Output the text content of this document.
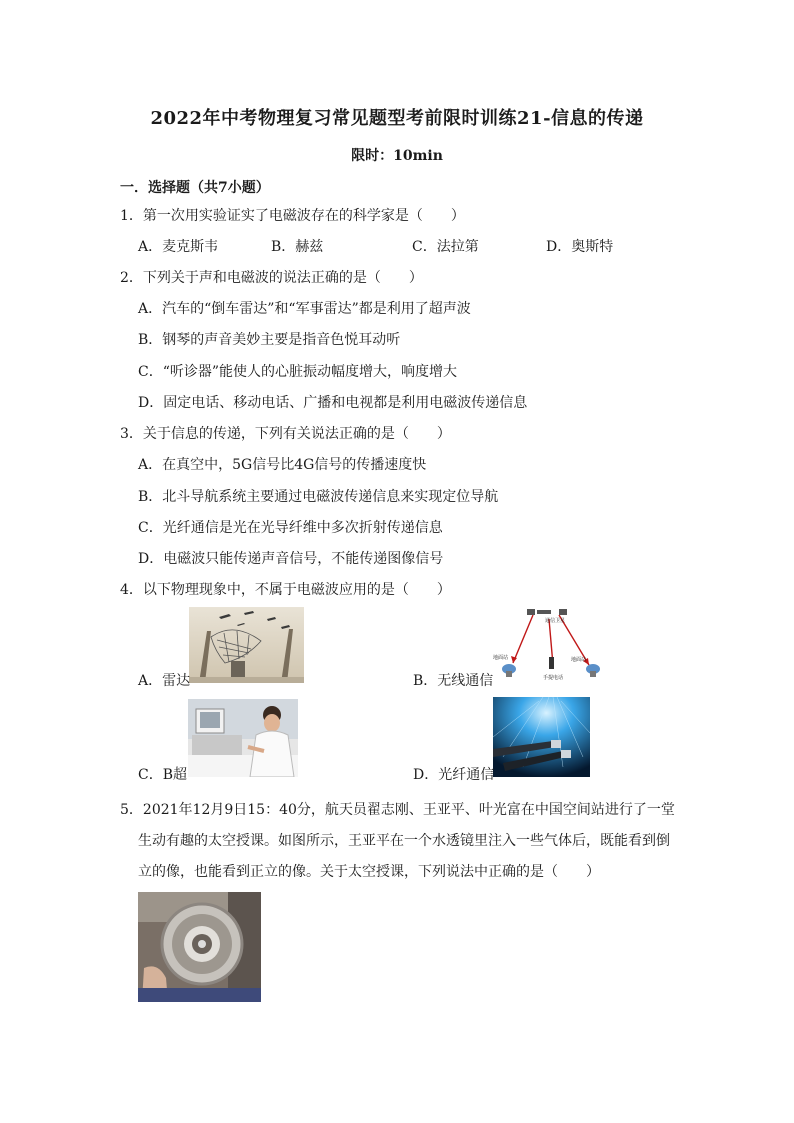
2022年中考物理复习常见题型考前限时训练21-信息的传递
限时：10min
一．选择题（共7小题）
1．第一次用实验证实了电磁波存在的科学家是（　　）
A．麦克斯韦	B．赫兹	C．法拉第	D．奥斯特
2．下列关于声和电磁波的说法正确的是（　　）
A．汽车的“倒车雷达”和“军事雷达”都是利用了超声波
B．钢琴的声音美妙主要是指音色悦耳动听
C．“听诊器”能使人的心脏振动幅度增大，响度增大
D．固定电话、移动电话、广播和电视都是利用电磁波传递信息
3．关于信息的传递，下列有关说法正确的是（　　）
A．在真空中，5G信号比4G信号的传播速度快
B．北斗导航系统主要通过电磁波传递信息来实现定位导航
C．光纤通信是光在光导纤维中多次折射传递信息
D．电磁波只能传递声音信号，不能传递图像信号
4．以下物理现象中，不属于电磁波应用的是（　　）
A．雷达
通信卫星
地面站	地面站
手提电话
B．无线通信
C．B超	D．光纤通信
5．2021年12月9日15：40分，航天员翟志刚、王亚平、叶光富在中国空间站进行了一堂
生动有趣的太空授课。如图所示，王亚平在一个水透镜里注入一些气体后，既能看到倒
立的像，也能看到正立的像。关于太空授课，下列说法中正确的是（　　）
